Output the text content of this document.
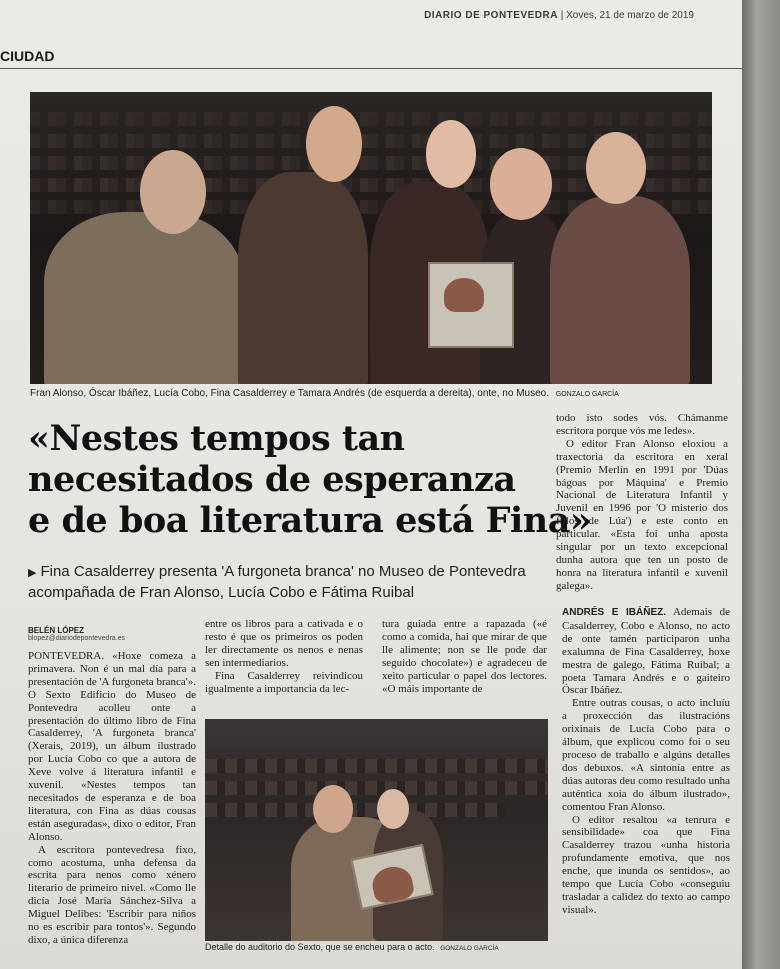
DIARIO DE PONTEVEDRA | Xoves, 21 de marzo de 2019
CIUDAD
Fran Alonso, Óscar Ibáñez, Lucía Cobo, Fina Casalderrey e Tamara Andrés (de esquerda a dereita), onte, no Museo. GONZALO GARCÍA
«Nestes tempos tan
necesitados de esperanza
e de boa literatura está Fina»
▶ Fina Casalderrey presenta 'A furgoneta branca' no Museo de Pontevedra acompañada de Fran Alonso, Lucía Cobo e Fátima Ruibal
BELÉN LÓPEZ
blopez@diariodepontevedra.es

PONTEVEDRA. «Hoxe comeza a primavera. Non é un mal día para a presentación de 'A furgoneta branca'». O Sexto Edificio do Museo de Pontevedra acolleu onte a presentación do último libro de Fina Casalderrey, 'A furgoneta branca' (Xerais, 2019), un álbum ilustrado por Lucía Cobo co que a autora de Xeve volve á literatura infantil e xuvenil. «Nestes tempos tan necesitados de esperanza e de boa literatura, con Fina as dúas cousas están aseguradas», dixo o editor, Fran Alonso.

A escritora pontevedresa fixo, como acostuma, unha defensa da escrita para nenos como xénero literario de primeiro nivel. «Como lle dicía José María Sánchez-Silva a Miguel Delibes: 'Escribir para niños no es escribir para tontos'». Segundo dixo, a única diferenza

entre os libros para a cativada e o resto é que os primeiros os poden ler directamente os nenos e nenas sen intermediarios.

Fina Casalderrey reivindicou igualmente a importancia da lec-

tura guiada entre a rapazada («é como a comida, hai que mirar de que lle alimente; non se lle pode dar seguido chocolate») e agradeceu de xeito particular o papel dos lectores. «O máis importante de

Detalle do auditorio do Sexto, que se encheu para o acto. GONZALO GARCÍA

todo isto sodes vós. Chámanme escritora porque vós me ledes».

O editor Fran Alonso eloxiou a traxectoria da escritora en xeral (Premio Merlín en 1991 por 'Dúas bágoas por Máquina' e Premio Nacional de Literatura Infantil y Juvenil en 1996 por 'O misterio dos fillos de Lúa') e este conto en particular. «Esta foi unha aposta singular por un texto excepcional dunha autora que ten un posto de honra na literatura infantil e xuvenil galega».

ANDRÉS E IBÁÑEZ. Ademais de Casalderrey, Cobo e Alonso, no acto de onte tamén participaron unha exalumna de Fina Casalderrey, hoxe mestra de galego, Fátima Ruibal; a poeta Tamara Andrés e o gaiteiro Óscar Ibáñez.

Entre outras cousas, o acto incluíu a proxección das ilustracións orixinais de Lucía Cobo para o álbum, que explicou como foi o seu proceso de traballo e algúns detalles dos debuxos. «A sintonía entre as dúas autoras deu como resultado unha auténtica xoia do álbum ilustrado», comentou Fran Alonso.

O editor resaltou «a tenrura e sensibilidade» coa que Fina Casalderrey trazou «unha historia profundamente emotiva, que nos enche, que inunda os sentidos», ao tempo que Lucía Cobo «conseguiu trasladar a calidez do texto ao campo visual».
